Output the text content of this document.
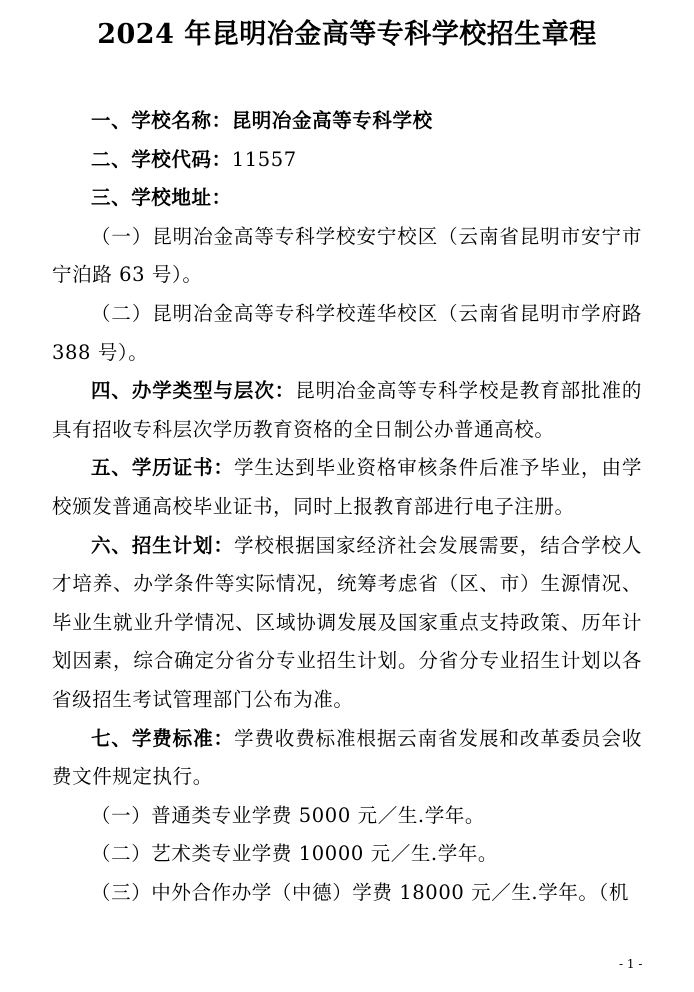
2024 年昆明冶金高等专科学校招生章程

一、学校名称：昆明冶金高等专科学校

二、学校代码：11557

三、学校地址：

（一）昆明冶金高等专科学校安宁校区（云南省昆明市安宁市宁泊路 63 号）。

（二）昆明冶金高等专科学校莲华校区（云南省昆明市学府路 388 号）。

四、办学类型与层次：昆明冶金高等专科学校是教育部批准的具有招收专科层次学历教育资格的全日制公办普通高校。

五、学历证书：学生达到毕业资格审核条件后准予毕业，由学校颁发普通高校毕业证书，同时上报教育部进行电子注册。

六、招生计划：学校根据国家经济社会发展需要，结合学校人才培养、办学条件等实际情况，统筹考虑省（区、市）生源情况、毕业生就业升学情况、区域协调发展及国家重点支持政策、历年计划因素，综合确定分省分专业招生计划。分省分专业招生计划以各省级招生考试管理部门公布为准。

七、学费标准：学费收费标准根据云南省发展和改革委员会收费文件规定执行。

（一）普通类专业学费 5000 元／生.学年。

（二）艺术类专业学费 10000 元／生.学年。

（三）中外合作办学（中德）学费 18000 元／生.学年。（机

- 1 -
